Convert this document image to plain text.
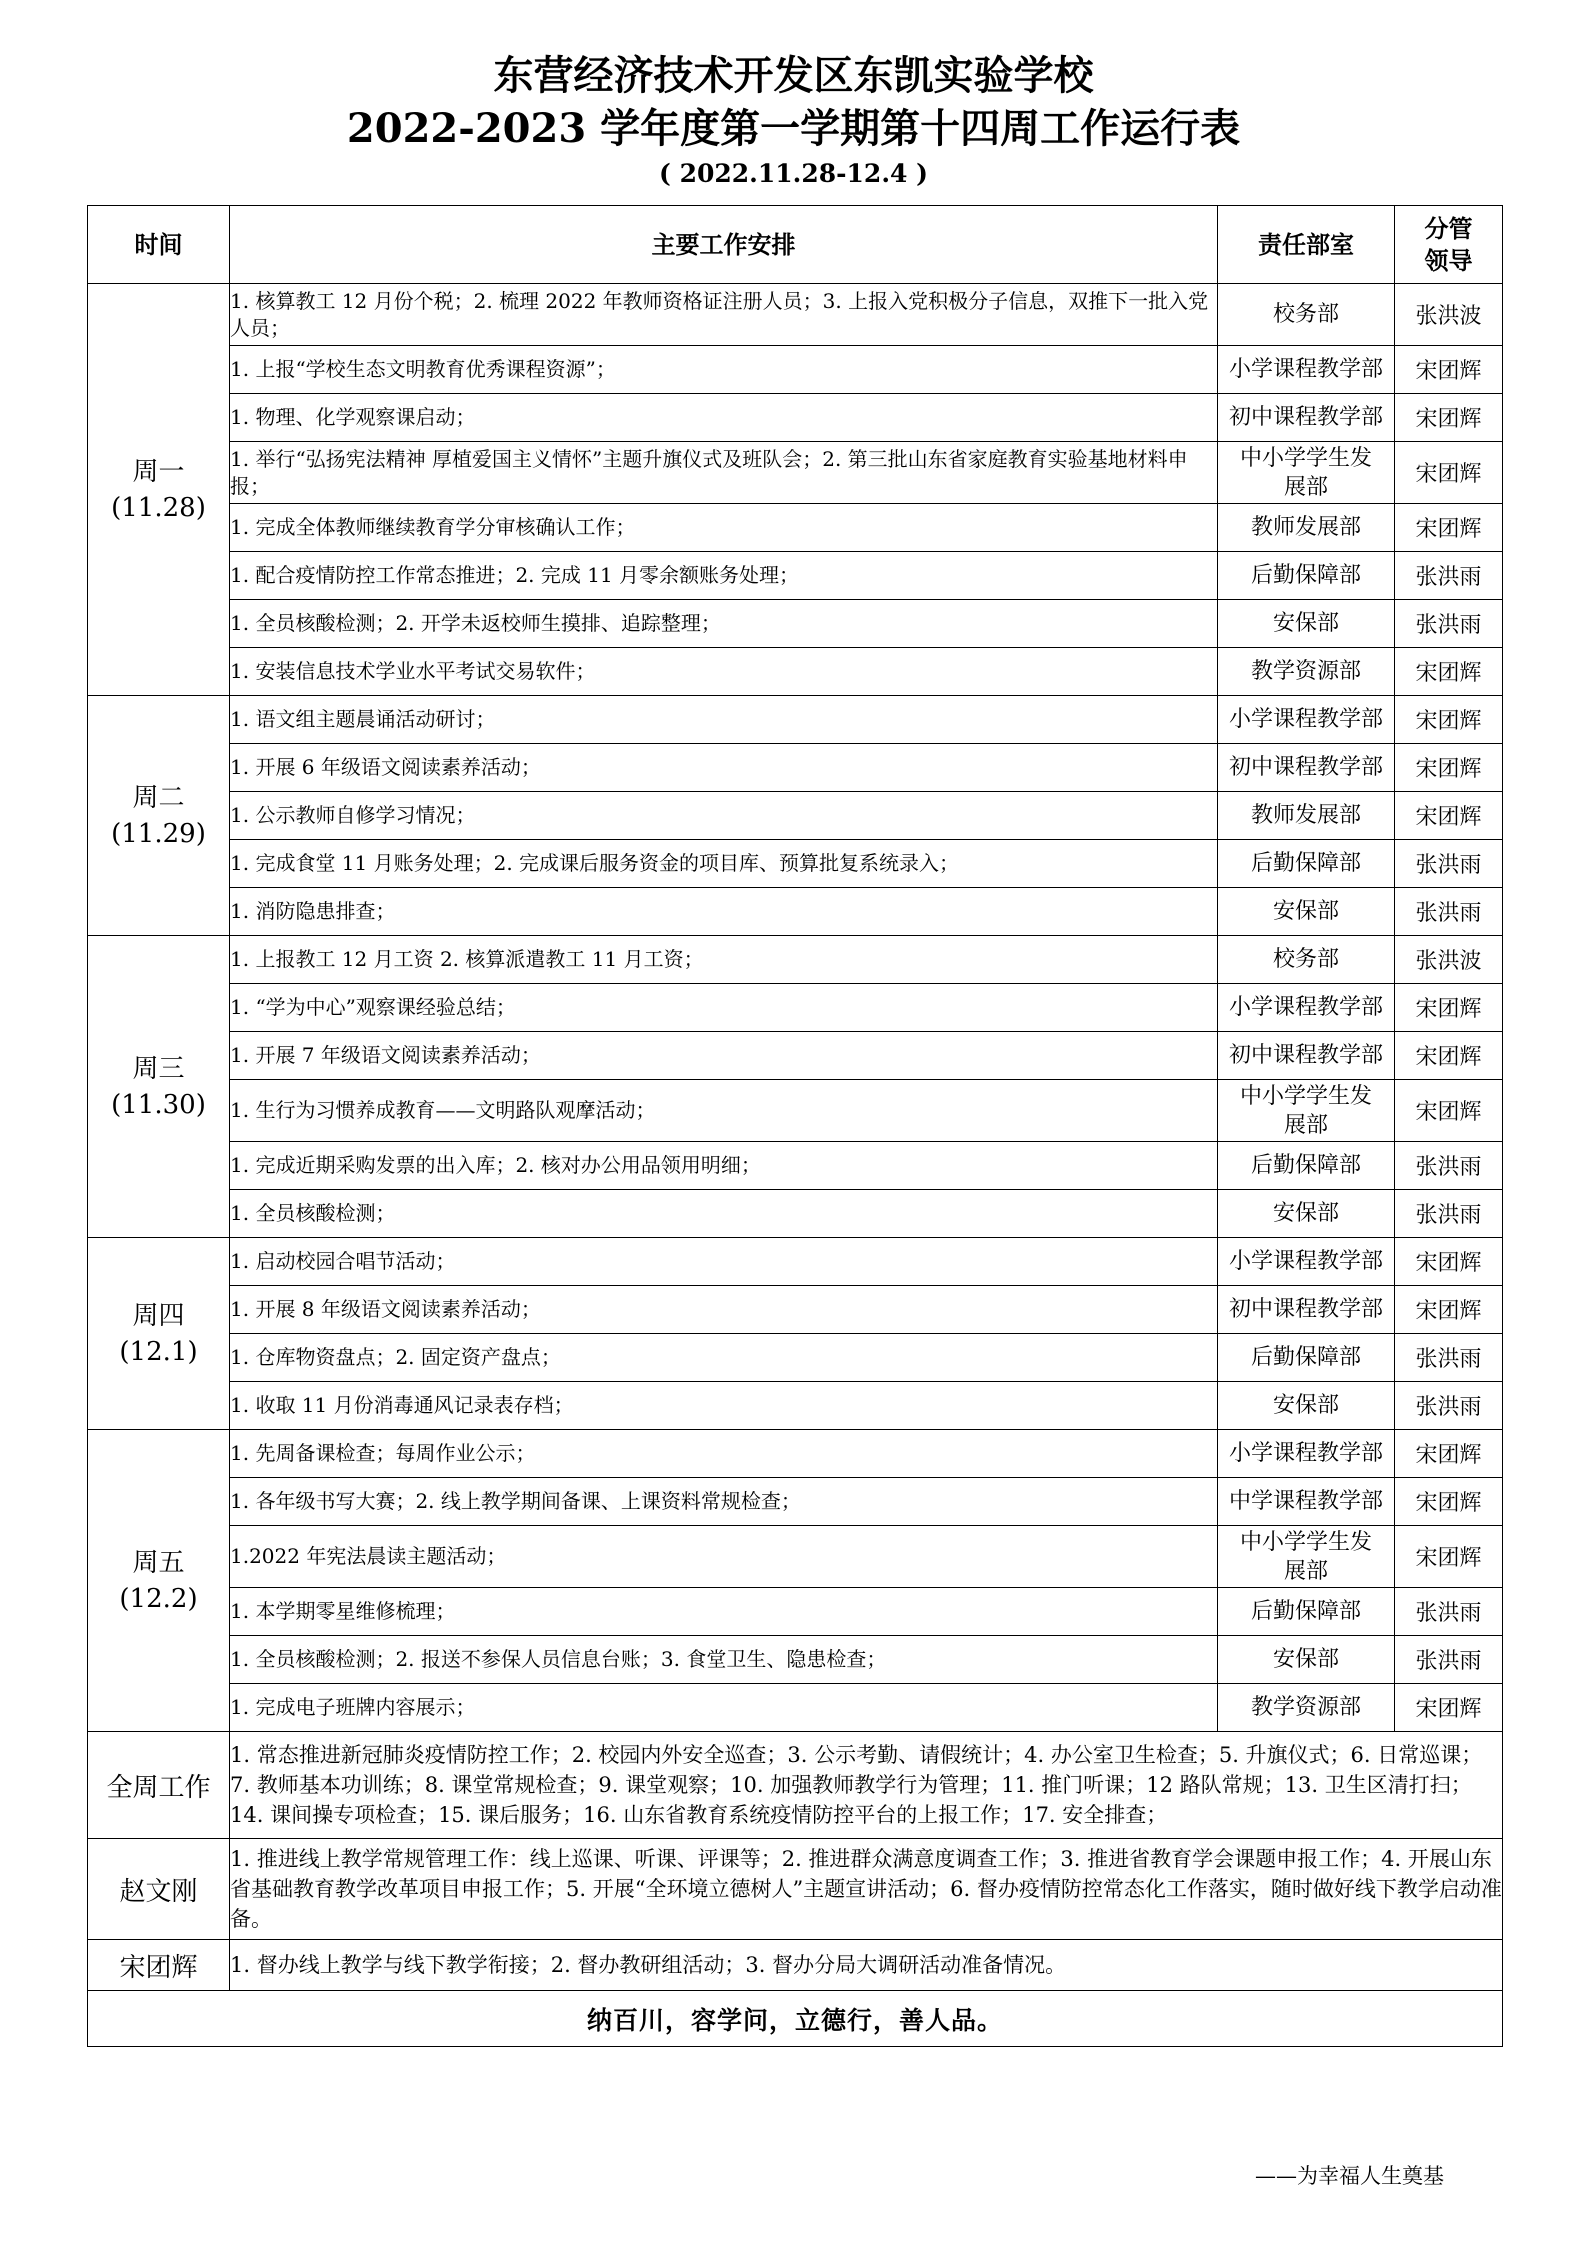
东营经济技术开发区东凯实验学校
2022-2023 学年度第一学期第十四周工作运行表
( 2022.11.28-12.4 )
时间	主要工作安排	责任部室	分管
领导

周一
(11.28)	1. 核算教工 12 月份个税；2. 梳理 2022 年教师资格证注册人员；3. 上报入党积极分子信息，双推下一批入党人员；	校务部	张洪波
	1. 上报“学校生态文明教育优秀课程资源”；	小学课程教学部	宋团辉
	1. 物理、化学观察课启动；	初中课程教学部	宋团辉
	1. 举行“弘扬宪法精神 厚植爱国主义情怀”主题升旗仪式及班队会；2. 第三批山东省家庭教育实验基地材料申报；	中小学学生发展部	宋团辉
	1. 完成全体教师继续教育学分审核确认工作；	教师发展部	宋团辉
	1. 配合疫情防控工作常态推进；2. 完成 11 月零余额账务处理；	后勤保障部	张洪雨
	1. 全员核酸检测；2. 开学未返校师生摸排、追踪整理；	安保部	张洪雨
	1. 安装信息技术学业水平考试交易软件；	教学资源部	宋团辉

周二
(11.29)	1. 语文组主题晨诵活动研讨；	小学课程教学部	宋团辉
	1. 开展 6 年级语文阅读素养活动；	初中课程教学部	宋团辉
	1. 公示教师自修学习情况；	教师发展部	宋团辉
	1. 完成食堂 11 月账务处理；2. 完成课后服务资金的项目库、预算批复系统录入；	后勤保障部	张洪雨
	1. 消防隐患排查；	安保部	张洪雨

周三
(11.30)	1. 上报教工 12 月工资 2. 核算派遣教工 11 月工资；	校务部	张洪波
	1. “学为中心”观察课经验总结；	小学课程教学部	宋团辉
	1. 开展 7 年级语文阅读素养活动；	初中课程教学部	宋团辉
	1. 生行为习惯养成教育——文明路队观摩活动；	中小学学生发展部	宋团辉
	1. 完成近期采购发票的出入库；2. 核对办公用品领用明细；	后勤保障部	张洪雨
	1. 全员核酸检测；	安保部	张洪雨

周四
(12.1)	1. 启动校园合唱节活动；	小学课程教学部	宋团辉
	1. 开展 8 年级语文阅读素养活动；	初中课程教学部	宋团辉
	1. 仓库物资盘点；2. 固定资产盘点；	后勤保障部	张洪雨
	1. 收取 11 月份消毒通风记录表存档；	安保部	张洪雨

周五
(12.2)	1. 先周备课检查；每周作业公示；	小学课程教学部	宋团辉
	1. 各年级书写大赛；2. 线上教学期间备课、上课资料常规检查；	中学课程教学部	宋团辉
	1.2022 年宪法晨读主题活动；	中小学学生发展部	宋团辉
	1. 本学期零星维修梳理；	后勤保障部	张洪雨
	1. 全员核酸检测；2. 报送不参保人员信息台账；3. 食堂卫生、隐患检查；	安保部	张洪雨
	1. 完成电子班牌内容展示；	教学资源部	宋团辉
全周工作	1. 常态推进新冠肺炎疫情防控工作；2. 校园内外安全巡查；3. 公示考勤、请假统计；4. 办公室卫生检查；5. 升旗仪式；6. 日常巡课；7. 教师基本功训练；8. 课堂常规检查；9. 课堂观察；10. 加强教师教学行为管理；11. 推门听课；12 路队常规；13. 卫生区清打扫；14. 课间操专项检查；15. 课后服务；16. 山东省教育系统疫情防控平台的上报工作；17. 安全排查；		
赵文刚	1. 推进线上教学常规管理工作：线上巡课、听课、评课等；2. 推进群众满意度调查工作；3. 推进省教育学会课题申报工作；4. 开展山东省基础教育教学改革项目申报工作；5. 开展“全环境立德树人”主题宣讲活动；6. 督办疫情防控常态化工作落实，随时做好线下教学启动准备。		
宋团辉	1. 督办线上教学与线下教学衔接；2. 督办教研组活动；3. 督办分局大调研活动准备情况。		
纳百川，容学问，立德行，善人品。			
——为幸福人生奠基
